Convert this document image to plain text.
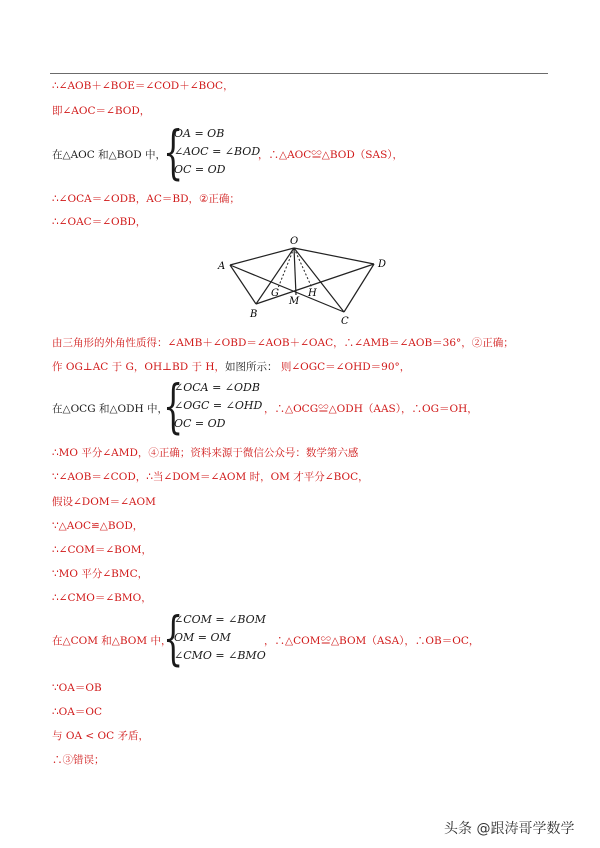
∴∠AOB＋∠BOE＝∠COD＋∠BOC，
即∠AOC＝∠BOD，
在△AOC 和△BOD 中，
{
OA = OB
∠AOC = ∠BOD
OC = OD
，∴△AOC≌△BOD（SAS），
∴∠OCA＝∠ODB，AC＝BD，②正确；
∴∠OAC＝∠OBD，
O
A	D
G	H
M
B
C
由三角形的外角性质得：∠AMB＋∠OBD＝∠AOB＋∠OAC，∴∠AMB＝∠AOB＝36°，②正确；
作 OG⊥AC 于 G，OH⊥BD 于 H，如图所示： 则∠OGC＝∠OHD＝90°，
在△OCG 和△ODH 中，
{
∠OCA = ∠ODB
∠OGC = ∠OHD
OC = OD
，∴△OCG≌△ODH（AAS），∴OG＝OH，
∴MO 平分∠AMD，④正确；资料来源于微信公众号：数学第六感
∵∠AOB＝∠COD，∴当∠DOM＝∠AOM 时，OM 才平分∠BOC，
假设∠DOM＝∠AOM
∵△AOC≌△BOD，
∴∠COM＝∠BOM，
∵MO 平分∠BMC，
∴∠CMO＝∠BMO，
在△COM 和△BOM 中，
{
∠COM = ∠BOM
OM = OM
∠CMO = ∠BMO
，∴△COM≌△BOM（ASA），∴OB＝OC，
∵OA＝OB
∴OA＝OC
与 OA < OC 矛盾，
∴③错误；
头条 @跟涛哥学数学
